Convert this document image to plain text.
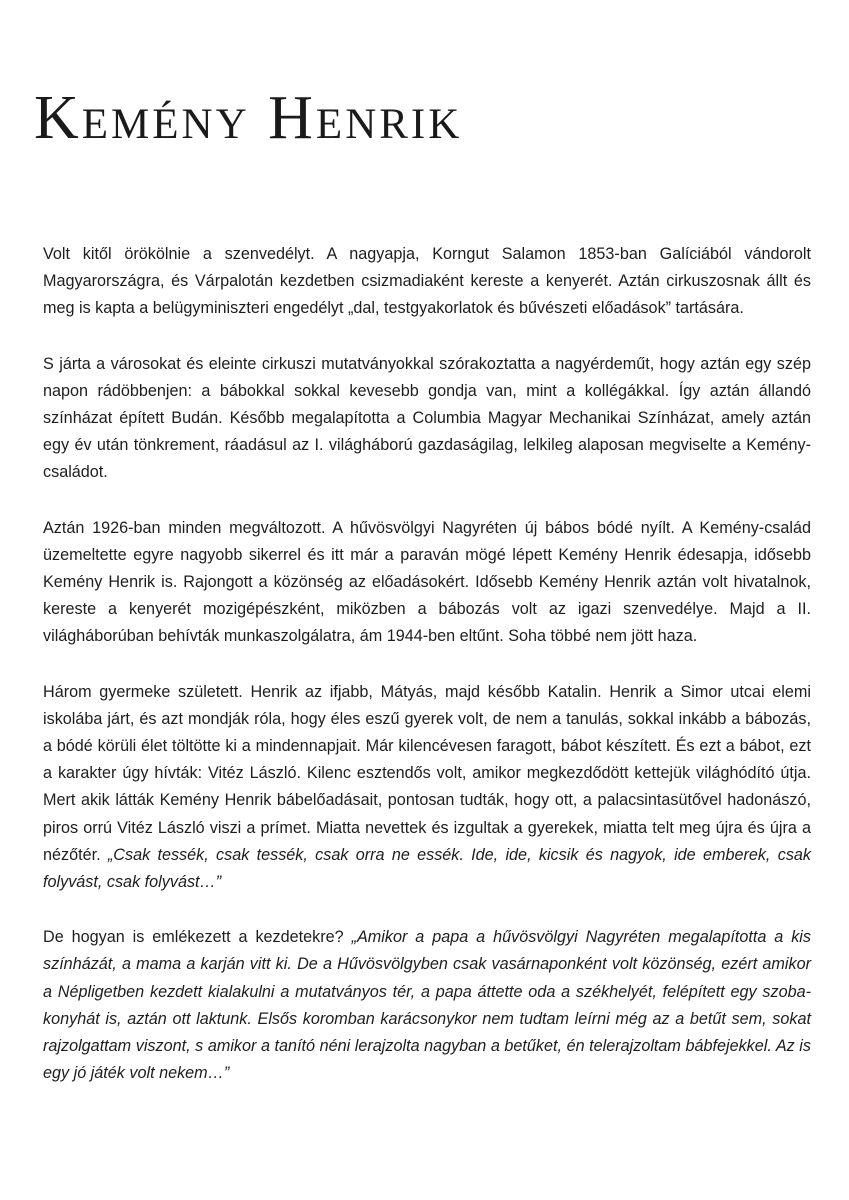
Kemény Henrik

Volt kitől örökölnie a szenvedélyt. A nagyapja, Korngut Salamon 1853-ban Galíciából vándorolt Magyarországra, és Várpalotán kezdetben csizmadiaként kereste a kenyerét. Aztán cirkuszosnak állt és meg is kapta a belügyminiszteri engedélyt „dal, testgyakorlatok és bűvészeti előadások” tartására.

S járta a városokat és eleinte cirkuszi mutatványokkal szórakoztatta a nagyérdeműt, hogy aztán egy szép napon rádöbbenjen: a bábokkal sokkal kevesebb gondja van, mint a kollégákkal. Így aztán állandó színházat épített Budán. Később megalapította a Columbia Magyar Mechanikai Színházat, amely aztán egy év után tönkrement, ráadásul az I. világháború gazdaságilag, lelkileg alaposan megviselte a Kemény-családot.

Aztán 1926-ban minden megváltozott. A hűvösvölgyi Nagyréten új bábos bódé nyílt. A Kemény-család üzemeltette egyre nagyobb sikerrel és itt már a paraván mögé lépett Kemény Henrik édesapja, idősebb Kemény Henrik is. Rajongott a közönség az előadásokért. Idősebb Kemény Henrik aztán volt hivatalnok, kereste a kenyerét mozigépészként, miközben a bábozás volt az igazi szenvedélye. Majd a II. világháborúban behívták munkaszolgálatra, ám 1944-ben eltűnt. Soha többé nem jött haza.

Három gyermeke született. Henrik az ifjabb, Mátyás, majd később Katalin. Henrik a Simor utcai elemi iskolába járt, és azt mondják róla, hogy éles eszű gyerek volt, de nem a tanulás, sokkal inkább a bábozás, a bódé körüli élet töltötte ki a mindennapjait. Már kilencévesen faragott, bábot készített. És ezt a bábot, ezt a karakter úgy hívták: Vitéz László. Kilenc esztendős volt, amikor megkezdődött kettejük világhódító útja. Mert akik látták Kemény Henrik bábelőadásait, pontosan tudták, hogy ott, a palacsintasütővel hadonászó, piros orrú Vitéz László viszi a prímet. Miatta nevettek és izgultak a gyerekek, miatta telt meg újra és újra a nézőtér. „Csak tessék, csak tessék, csak orra ne essék. Ide, ide, kicsik és nagyok, ide emberek, csak folyvást, csak folyvást…”

De hogyan is emlékezett a kezdetekre? „Amikor a papa a hűvösvölgyi Nagyréten megalapította a kis színházát, a mama a karján vitt ki. De a Hűvösvölgyben csak vasárnaponként volt közönség, ezért amikor a Népligetben kezdett kialakulni a mutatványos tér, a papa áttette oda a székhelyét, felépített egy szoba-konyhát is, aztán ott laktunk. Elsős koromban karácsonykor nem tudtam leírni még az a betűt sem, sokat rajzolgattam viszont, s amikor a tanító néni lerajzolta nagyban a betűket, én telerajzoltam bábfejekkel. Az is egy jó játék volt nekem…”
